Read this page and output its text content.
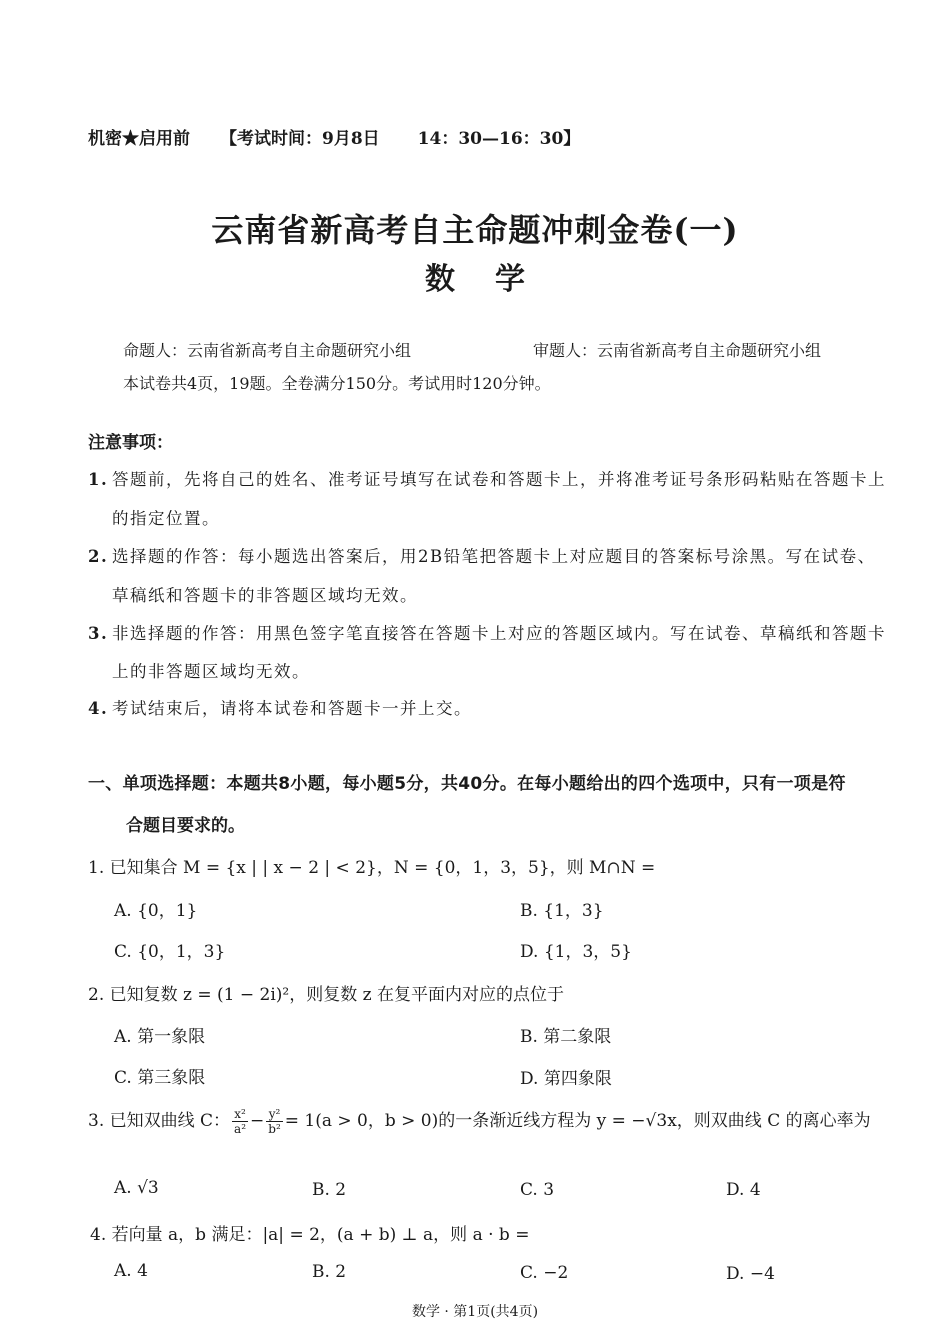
机密★启用前 【考试时间：9月8日 14：30—16：30】
云南省新高考自主命题冲刺金卷(一)
数学
命题人：云南省新高考自主命题研究小组	审题人：云南省新高考自主命题研究小组
本试卷共4页，19题。全卷满分150分。考试用时120分钟。
注意事项：
1. 答题前，先将自己的姓名、准考证号填写在试卷和答题卡上，并将准考证号条形码粘贴在答题卡上
的指定位置。
2. 选择题的作答：每小题选出答案后，用2B铅笔把答题卡上对应题目的答案标号涂黑。写在试卷、
草稿纸和答题卡的非答题区域均无效。
3. 非选择题的作答：用黑色签字笔直接答在答题卡上对应的答题区域内。写在试卷、草稿纸和答题卡
上的非答题区域均无效。
4. 考试结束后，请将本试卷和答题卡一并上交。
一、单项选择题：本题共8小题，每小题5分，共40分。在每小题给出的四个选项中，只有一项是符
合题目要求的。
1. 已知集合 M = {x | | x − 2 | < 2}，N = {0，1，3，5}，则 M∩N =
A. {0，1}	B. {1，3}
C. {0，1，3}	D. {1，3，5}
2. 已知复数 z = (1 − 2i)²，则复数 z 在复平面内对应的点位于
A. 第一象限	B. 第二象限
C. 第三象限	D. 第四象限
3. 已知双曲线 C： $\frac{\text{x²}}{\text{a²}} - \frac{\text{y²}}{\text{b²}} = 1(a > 0$，b > 0)的一条渐近线方程为 y = −√3x，则双曲线 C 的离心率为
A. √3	B. 2	C. 3	D. 4
4. 若向量 a，b 满足：|a| = 2，(a + b) ⊥ a，则 a · b =
A. 4	B. 2	C. −2	D. −4
数学 · 第1页(共4页)
